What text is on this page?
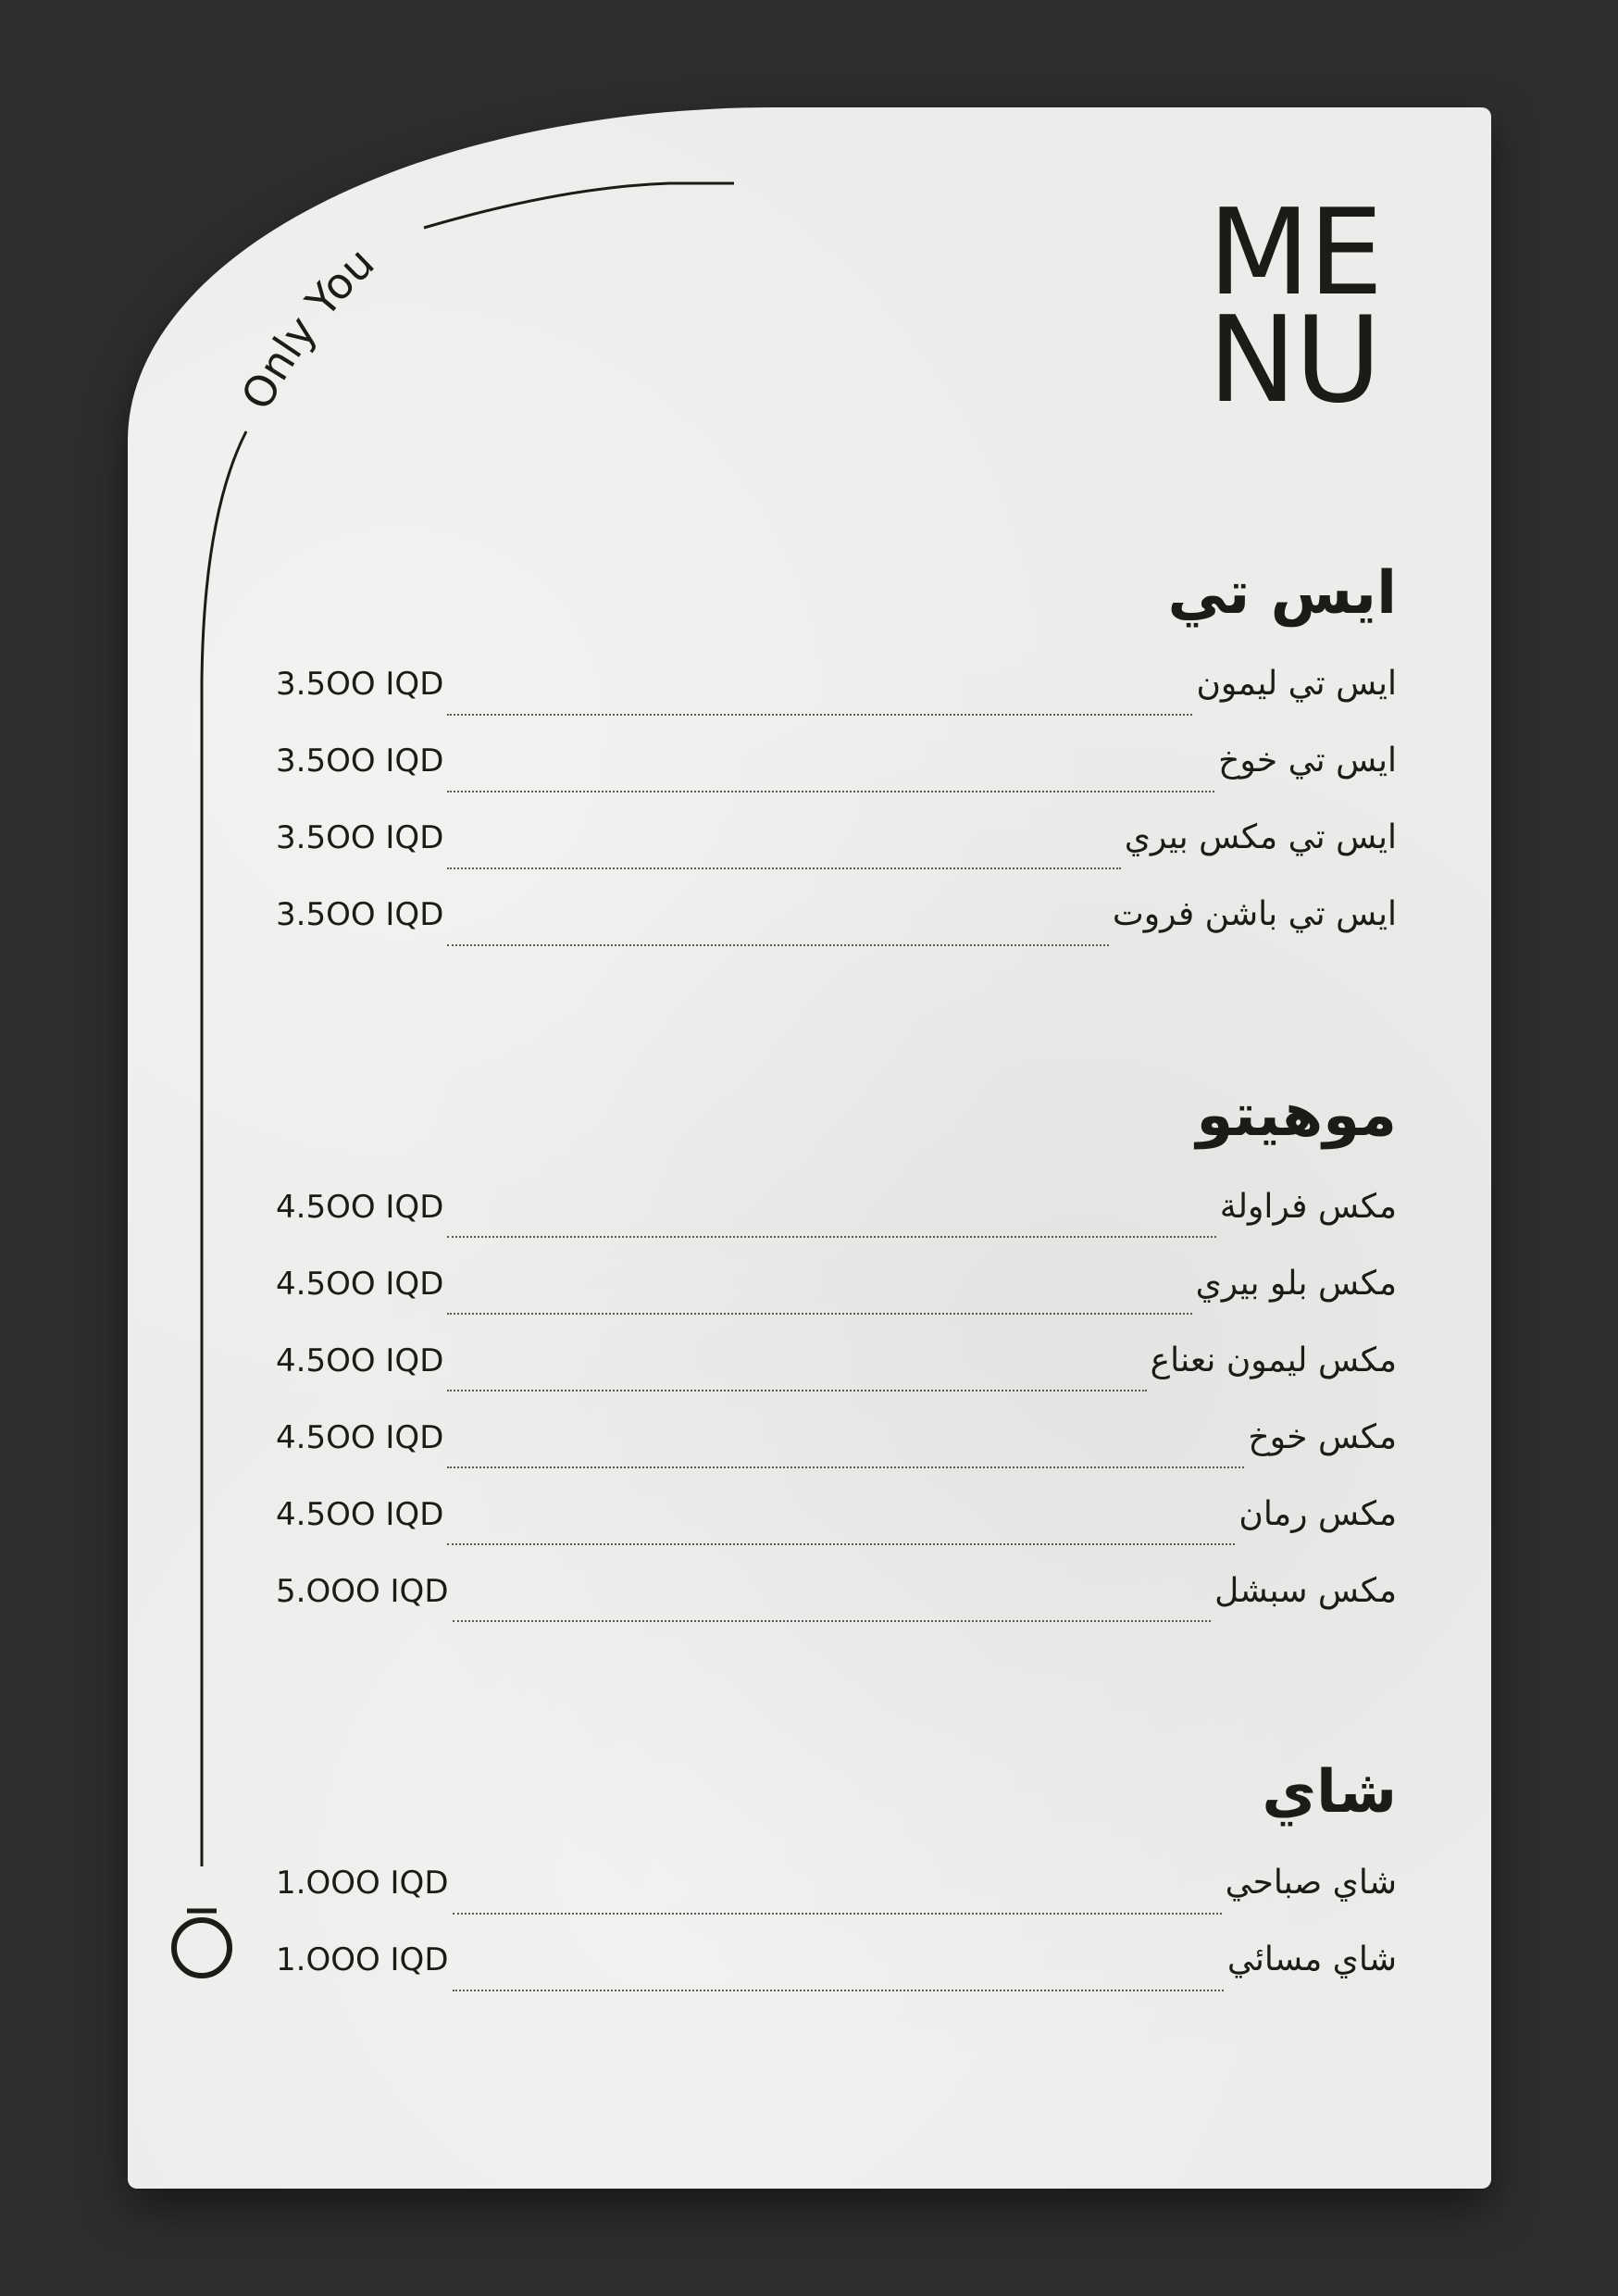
Only You	ME
NU
ايس تي
ايس تي ليمون
3.5OO IQD
ايس تي خوخ
3.5OO IQD
ايس تي مكس بيري
3.5OO IQD
ايس تي باشن فروت
3.5OO IQD
موهيتو
مكس فراولة
4.5OO IQD
مكس بلو بيري
4.5OO IQD
مكس ليمون نعناع
4.5OO IQD
مكس خوخ
4.5OO IQD
مكس رمان
4.5OO IQD
مكس سبشل
5.OOO IQD
شاي
شاي صباحي
1.OOO IQD
شاي مسائي
1.OOO IQD
